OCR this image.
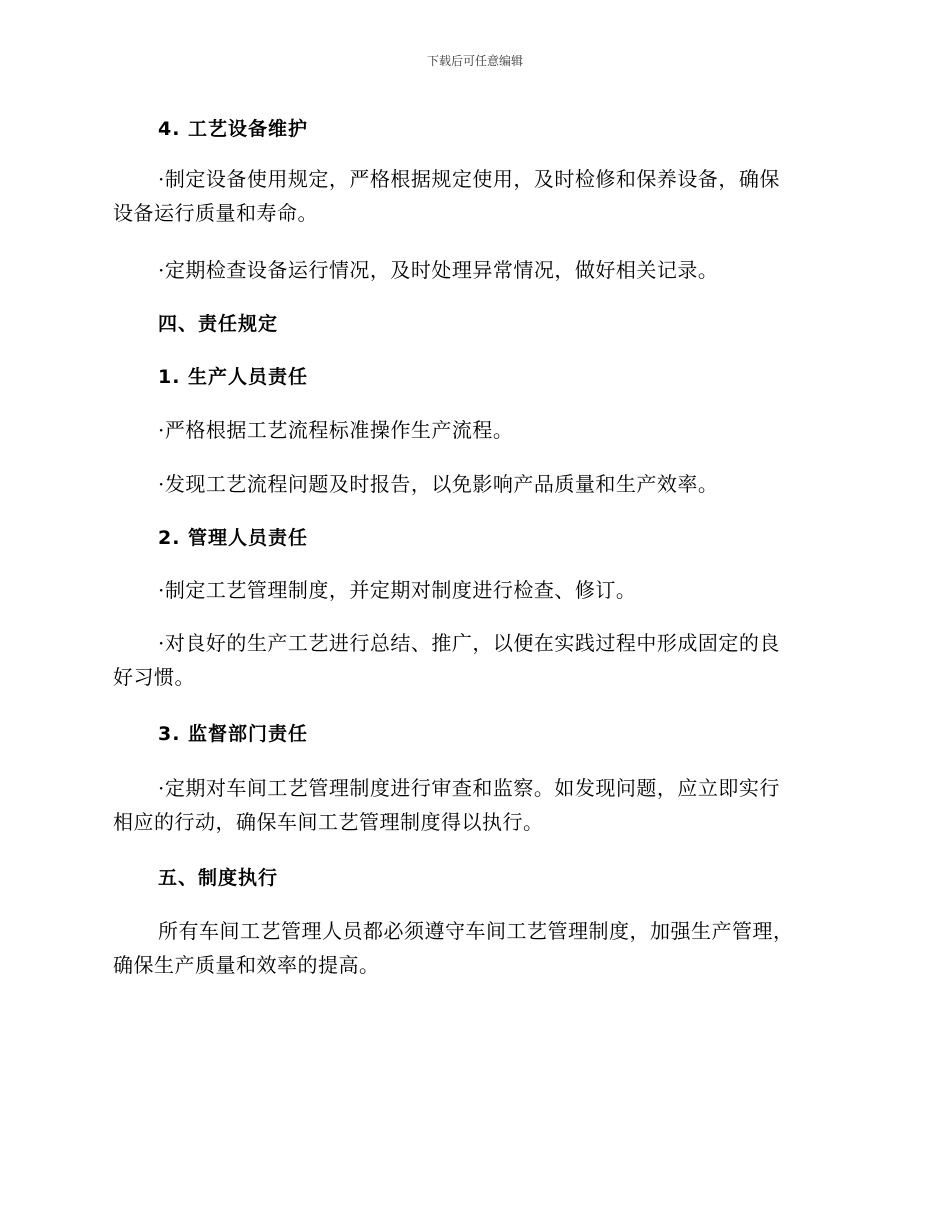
下载后可任意编辑
4. 工艺设备维护
·制定设备使用规定，严格根据规定使用，及时检修和保养设备，确保
设备运行质量和寿命。
·定期检查设备运行情况，及时处理异常情况，做好相关记录。
四、责任规定
1. 生产人员责任
·严格根据工艺流程标准操作生产流程。
·发现工艺流程问题及时报告，以免影响产品质量和生产效率。
2. 管理人员责任
·制定工艺管理制度，并定期对制度进行检查、修订。
·对良好的生产工艺进行总结、推广，以便在实践过程中形成固定的良
好习惯。
3. 监督部门责任
·定期对车间工艺管理制度进行审查和监察。如发现问题，应立即实行
相应的行动，确保车间工艺管理制度得以执行。
五、制度执行
所有车间工艺管理人员都必须遵守车间工艺管理制度，加强生产管理，
确保生产质量和效率的提高。
